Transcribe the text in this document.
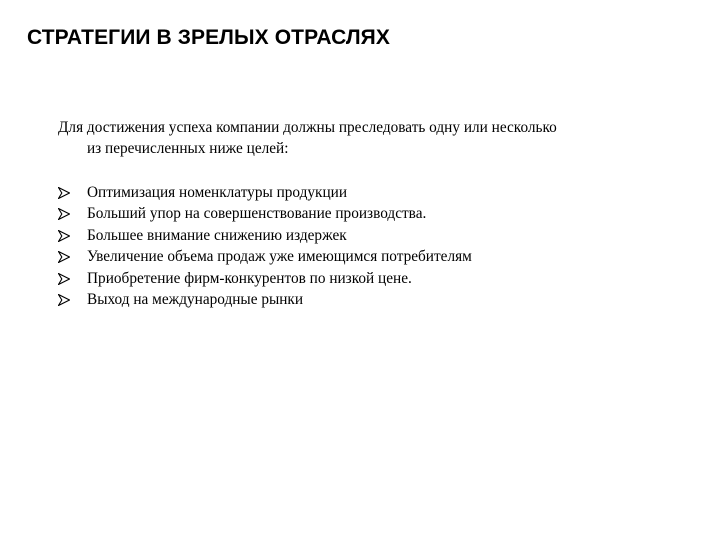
СТРАТЕГИИ В ЗРЕЛЫХ ОТРАСЛЯХ
Для достижения успеха компании должны преследовать одну или несколько
из перечисленных ниже целей:
Оптимизация номенклатуры продукции
Больший упор на совершенствование производства.
Большее внимание снижению издержек
Увеличение объема продаж уже имеющимся потребителям
Приобретение фирм-конкурентов по низкой цене.
Выход на международные рынки
